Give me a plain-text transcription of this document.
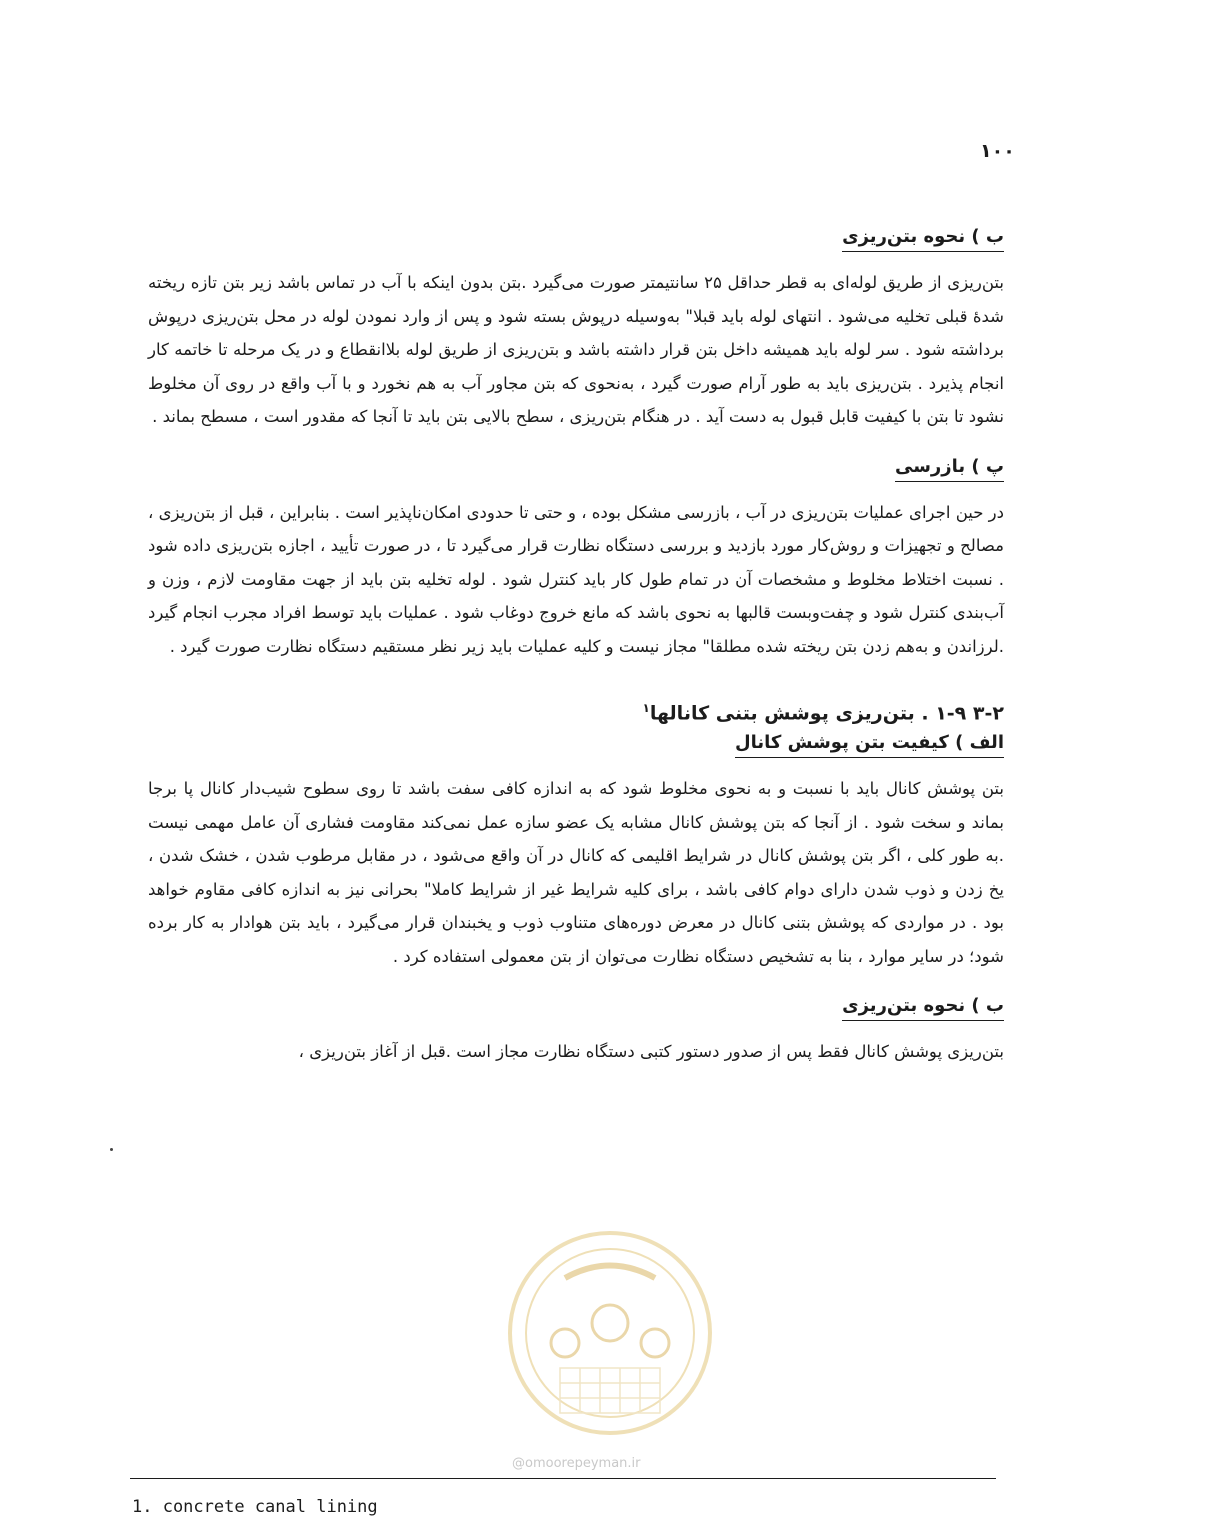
۱۰۰
ب ) نحوه بتن‌ریزی

بتن‌ریزی از طریق لوله‌ای به قطر حداقل ۲۵ سانتیمتر صورت می‌گیرد .بتن بدون اینکه با آب در تماس باشد زیر بتن تازه ریخته شده‌ٔ قبلی تخلیه می‌شود . انتهای لوله باید قبلا" به‌وسیله درپوش بسته شود و پس از وارد نمودن لوله در محل بتن‌ریزی درپوش برداشته شود . سر لوله باید همیشه داخل بتن قرار داشته باشد و بتن‌ریزی از طریق لوله بلاانقطاع و در یک مرحله تا خاتمه کار انجام پذیرد . بتن‌ریزی باید به طور آرام صورت گیرد ، به‌نحوی که بتن مجاور آب به هم نخورد و با آب واقع در روی آن مخلوط نشود تا بتن با کیفیت قابل قبول به دست آید . در هنگام بتن‌ریزی ، سطح بالایی بتن باید تا آنجا که مقدور است ، مسطح بماند .

پ ) بازرسی

در حین اجرای عملیات بتن‌ریزی در آب ، بازرسی مشکل بوده ، و حتی تا حدودی امکان‌ناپذیر است . بنابراین ، قبل از بتن‌ریزی ، مصالح و تجهیزات و روش‌کار مورد بازدید و بررسی دستگاه نظارت قرار می‌گیرد تا ، در صورت تأیید ، اجازه بتن‌ریزی داده شود . نسبت اختلاط مخلوط و مشخصات آن در تمام طول کار باید کنترل شود . لوله تخلیه بتن باید از جهت مقاومت لازم ، وزن و آب‌بندی کنترل شود و چفت‌وبست قالبها به نحوی باشد که مانع خروج دوغاب شود . عملیات باید توسط افراد مجرب انجام گیرد .لرزاندن و به‌هم زدن بتن ریخته شده مطلقا" مجاز نیست و کلیه عملیات باید زیر نظر مستقیم دستگاه نظارت صورت گیرد .

۳-۲ ۱-۹ . بتن‌ریزی پوشش بتنی کانالها$^۱$
الف ) کیفیت بتن پوشش کانال

بتن پوشش کانال باید با نسبت و به نحوی مخلوط شود که به اندازه کافی سفت باشد تا روی سطوح شیب‌دار کانال پا برجا بماند و سخت شود . از آنجا که بتن پوشش کانال مشابه یک عضو سازه عمل نمی‌کند مقاومت فشاری آن عامل مهمی نیست .به طور کلی ، اگر بتن پوشش کانال در شرایط اقلیمی که کانال در آن واقع می‌شود ، در مقابل مرطوب شدن ، خشک شدن ، یخ زدن و ذوب شدن دارای دوام کافی باشد ، برای کلیه شرایط غیر از شرایط کاملا" بحرانی نیز به اندازه کافی مقاوم خواهد بود . در مواردی که پوشش بتنی کانال در معرض دوره‌های متناوب ذوب و یخبندان قرار می‌گیرد ، باید بتن هوادار به کار برده شود؛ در سایر موارد ، بنا به تشخیص دستگاه نظارت می‌توان از بتن معمولی استفاده کرد .

ب ) نحوه بتن‌ریزی

بتن‌ریزی پوشش کانال فقط پس از صدور دستور کتبی دستگاه نظارت مجاز است .قبل از آغاز بتن‌ریزی ،

@omoorepeyman.ir
1. concrete canal lining
